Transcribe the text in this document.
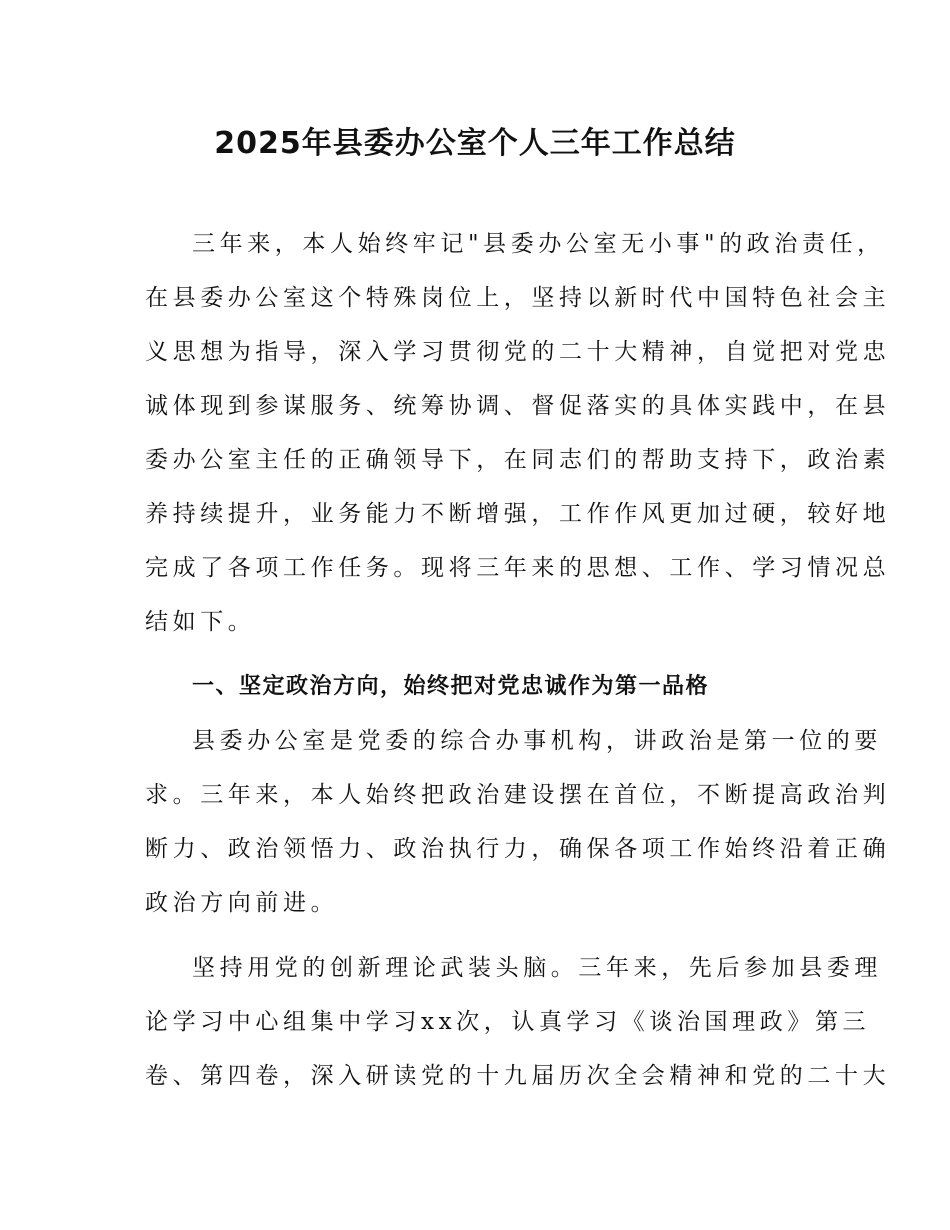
2025年县委办公室个人三年工作总结
三年来，本人始终牢记"县委办公室无小事"的政治责任，
在县委办公室这个特殊岗位上，坚持以新时代中国特色社会主
义思想为指导，深入学习贯彻党的二十大精神，自觉把对党忠
诚体现到参谋服务、统筹协调、督促落实的具体实践中，在县
委办公室主任的正确领导下，在同志们的帮助支持下，政治素
养持续提升，业务能力不断增强，工作作风更加过硬，较好地
完成了各项工作任务。现将三年来的思想、工作、学习情况总
结如下。
一、坚定政治方向，始终把对党忠诚作为第一品格
县委办公室是党委的综合办事机构，讲政治是第一位的要
求。三年来，本人始终把政治建设摆在首位，不断提高政治判
断力、政治领悟力、政治执行力，确保各项工作始终沿着正确
政治方向前进。
坚持用党的创新理论武装头脑。三年来，先后参加县委理
论学习中心组集中学习xx次，认真学习《谈治国理政》第三
卷、第四卷，深入研读党的十九届历次全会精神和党的二十大
